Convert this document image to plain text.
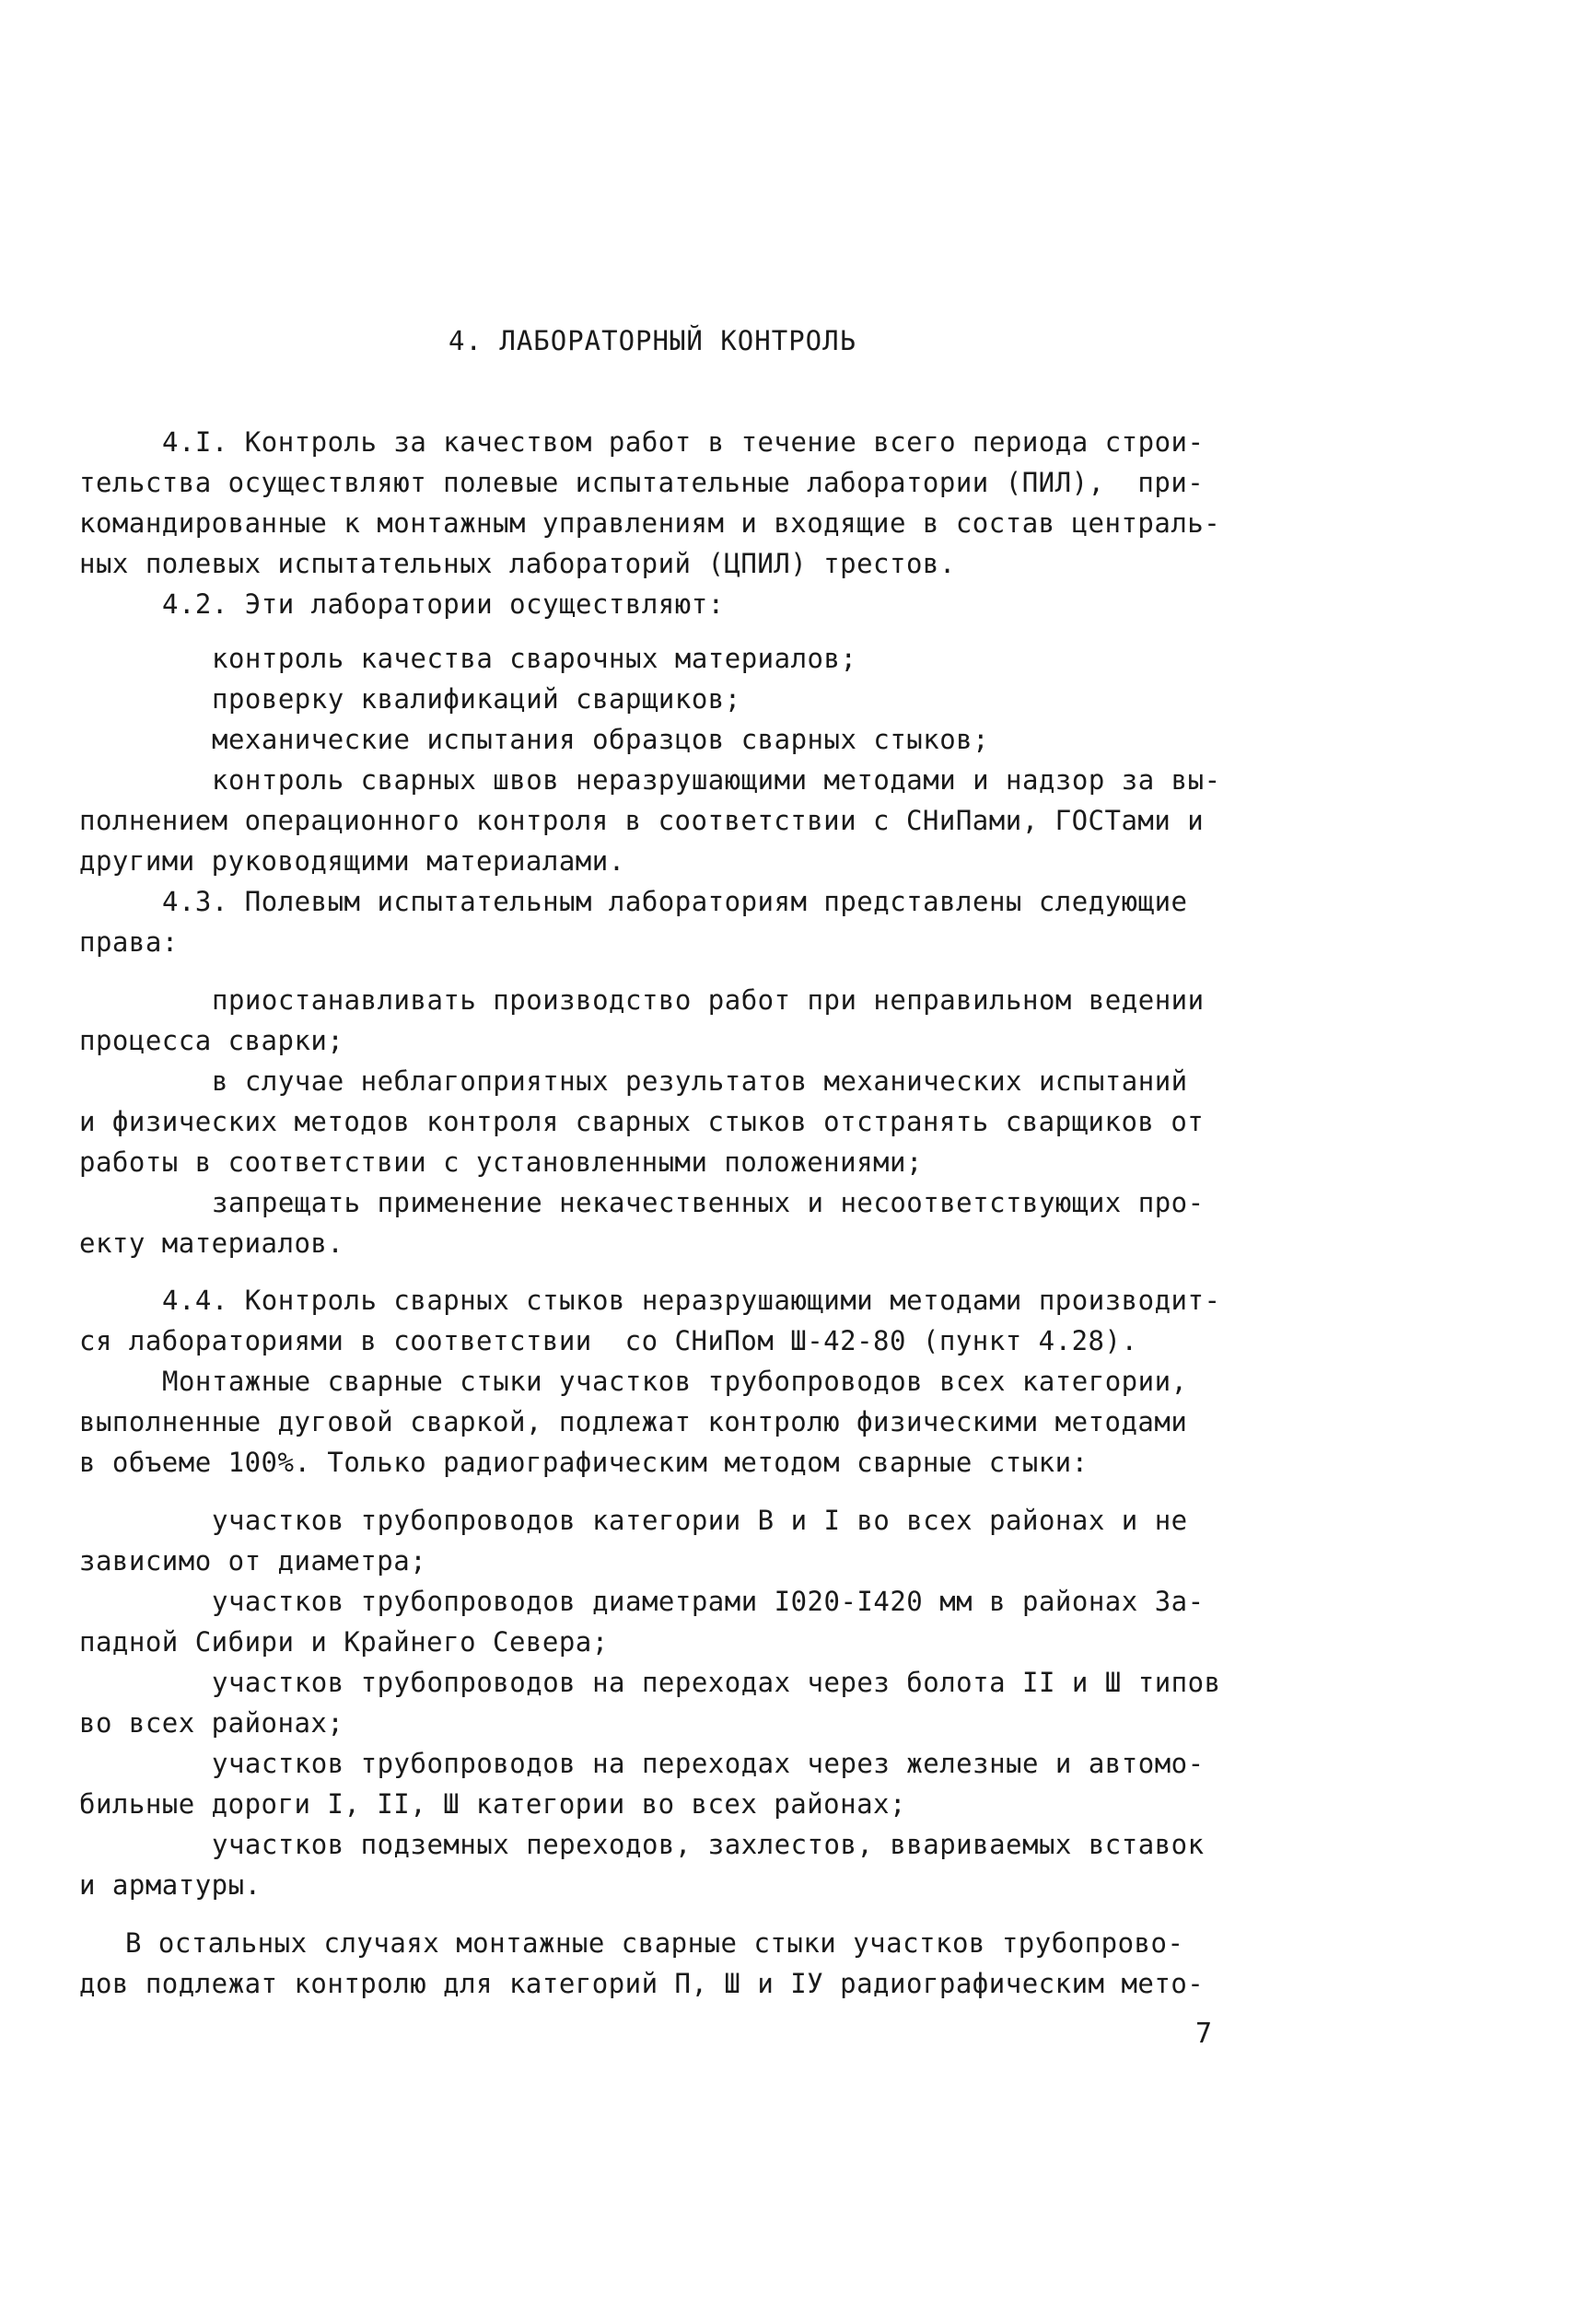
4. ЛАБОРАТОРНЫЙ КОНТРОЛЬ
4.I. Контроль за качеством работ в течение всего периода строи-
тельства осуществляют полевые испытательные лаборатории (ПИЛ),  при-
командированные к монтажным управлениям и входящие в состав централь-
ных полевых испытательных лабораторий (ЦПИЛ) трестов.
4.2. Эти лаборатории осуществляют:
контроль качества сварочных материалов;
проверку квалификаций сварщиков;
механические испытания образцов сварных стыков;
контроль сварных швов неразрушающими методами и надзор за вы-
полнением операционного контроля в соответствии с СНиПами, ГОСТами и
другими руководящими материалами.
4.3. Полевым испытательным лабораториям представлены следующие
права:
приостанавливать производство работ при неправильном ведении
процесса сварки;
в случае неблагоприятных результатов механических испытаний
и физических методов контроля сварных стыков отстранять сварщиков от
работы в соответствии с установленными положениями;
запрещать применение некачественных и несоответствующих про-
екту материалов.
4.4. Контроль сварных стыков неразрушающими методами производит-
ся лабораториями в соответствии  со СНиПом Ш-42-80 (пункт 4.28).
Монтажные сварные стыки участков трубопроводов всех категории,
выполненные дуговой сваркой, подлежат контролю физическими методами
в объеме 100%. Только радиографическим методом сварные стыки:
участков трубопроводов категории В и I во всех районах и не
зависимо от диаметра;
участков трубопроводов диаметрами I020-I420 мм в районах За-
падной Сибири и Крайнего Севера;
участков трубопроводов на переходах через болота II и Ш типов
во всех районах;
участков трубопроводов на переходах через железные и автомо-
бильные дороги I, II, Ш категории во всех районах;
участков подземных переходов, захлестов, ввариваемых вставок
и арматуры.
В остальных случаях монтажные сварные стыки участков трубопрово-
дов подлежат контролю для категорий П, Ш и IУ радиографическим мето-
7
